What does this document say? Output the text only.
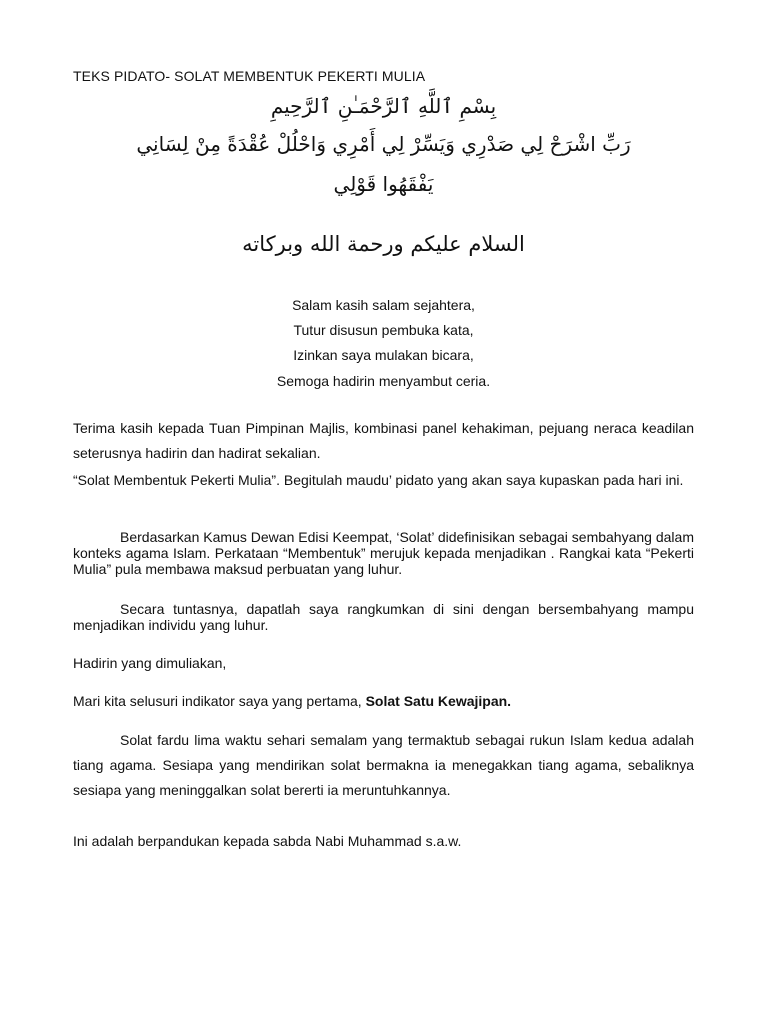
TEKS PIDATO- SOLAT MEMBENTUK PEKERTI MULIA
بِسْمِ ٱللَّهِ ٱلرَّحْمَـٰنِ ٱلرَّحِيمِ
رَبِّ اشْرَحْ لِي صَدْرِي وَيَسِّرْ لِي أَمْرِي وَاحْلُلْ عُقْدَةً مِنْ لِسَانِي
يَفْقَهُوا قَوْلِي
السلام عليكم ورحمة الله وبركاته
Salam kasih salam sejahtera,
Tutur disusun pembuka kata,
Izinkan saya mulakan bicara,
Semoga hadirin menyambut ceria.
Terima kasih kepada Tuan Pimpinan Majlis, kombinasi panel kehakiman, pejuang neraca keadilan seterusnya hadirin dan hadirat sekalian.
“Solat Membentuk Pekerti Mulia”. Begitulah maudu’ pidato yang akan saya kupaskan pada hari ini.
Berdasarkan Kamus Dewan Edisi Keempat, ‘Solat’ didefinisikan sebagai sembahyang dalam konteks agama Islam. Perkataan “Membentuk” merujuk kepada menjadikan . Rangkai kata “Pekerti Mulia” pula membawa maksud perbuatan yang luhur.
Secara tuntasnya, dapatlah saya rangkumkan di sini dengan bersembahyang mampu menjadikan individu yang luhur.
Hadirin yang dimuliakan,
Mari kita selusuri indikator saya yang pertama, Solat Satu Kewajipan.
Solat fardu lima waktu sehari semalam yang termaktub sebagai rukun Islam kedua adalah tiang agama. Sesiapa yang mendirikan solat bermakna ia menegakkan tiang agama, sebaliknya sesiapa yang meninggalkan solat bererti ia meruntuhkannya.
Ini adalah berpandukan kepada sabda Nabi Muhammad s.a.w.
